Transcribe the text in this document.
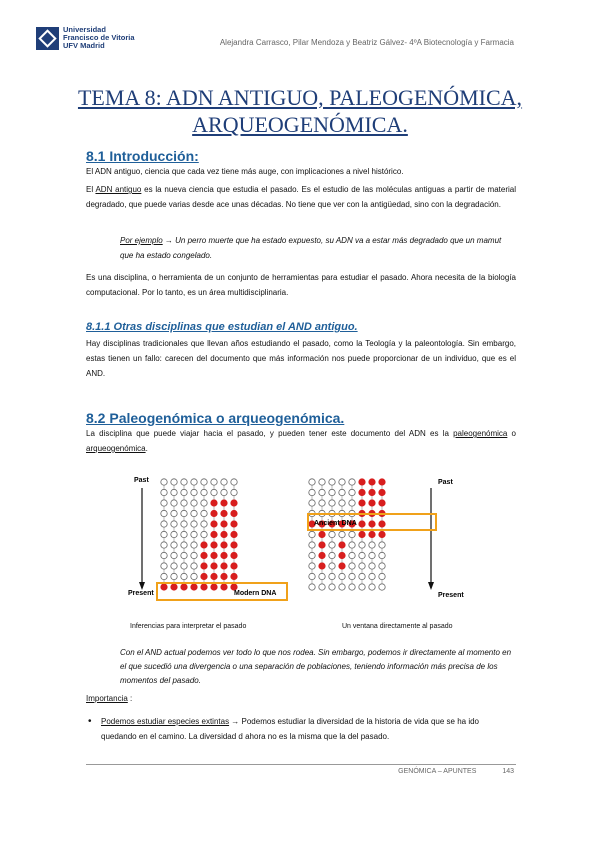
Universidad
Francisco de Vitoria
UFV Madrid	Alejandra Carrasco, Pilar Mendoza y Beatriz Gálvez- 4ºA Biotecnología y Farmacia
TEMA 8: ADN ANTIGUO, PALEOGENÓMICA,
ARQUEOGENÓMICA.
8.1 Introducción:
El ADN antiguo, ciencia que cada vez tiene más auge, con implicaciones a nivel histórico.
El ADN antiguo es la nueva ciencia que estudia el pasado. Es el estudio de las moléculas antiguas a partir de material degradado, que puede varias desde ace unas décadas. No tiene que ver con la antigüedad, sino con la degradación.
Por ejemplo → Un perro muerte que ha estado expuesto, su ADN va a estar más degradado que un mamut que ha estado congelado.
Es una disciplina, o herramienta de un conjunto de herramientas para estudiar el pasado. Ahora necesita de la biología computacional. Por lo tanto, es un área multidisciplinaria.
8.1.1 Otras disciplinas que estudian el AND antiguo.
Hay disciplinas tradicionales que llevan años estudiando el pasado, como la Teología y la paleontología. Sin embargo, estas tienen un fallo: carecen del documento que más información nos puede proporcionar de un individuo, que es el AND.
8.2 Paleogenómica o arqueogenómica.
La disciplina que puede viajar hacia el pasado, y pueden tener este documento del ADN es la paleogenómica o arqueogenómica.
Past
Present	Modern DNA
Past
Present
Ancient DNA
Inferencias para interpretar el pasado	Un ventana directamente al pasado
Con el AND actual podemos ver todo lo que nos rodea. Sin embargo, podemos ir directamente al momento en el que sucedió una divergencia o una separación de poblaciones, teniendo información más precisa de los momentos del pasado.
Importancia :
• Podemos estudiar especies extintas → Podemos estudiar la diversidad de la historia de vida que se ha ido quedando en el camino. La diversidad d ahora no es la misma que la del pasado.
GENÓMICA – APUNTES	143
